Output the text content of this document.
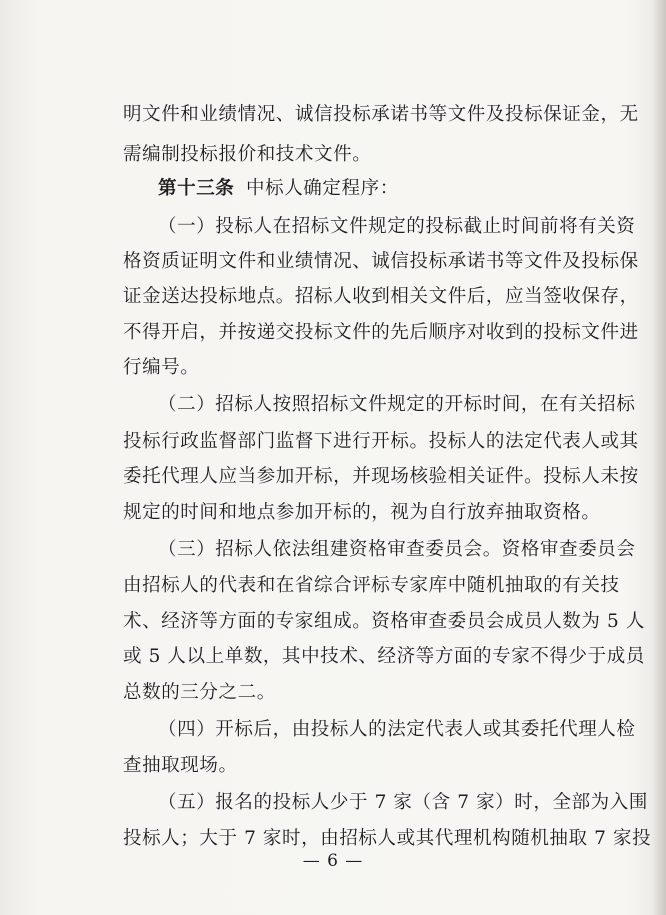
明文件和业绩情况、诚信投标承诺书等文件及投标保证金，无
需编制投标报价和技术文件。
第十三条 中标人确定程序：
（一）投标人在招标文件规定的投标截止时间前将有关资
格资质证明文件和业绩情况、诚信投标承诺书等文件及投标保
证金送达投标地点。招标人收到相关文件后，应当签收保存，
不得开启，并按递交投标文件的先后顺序对收到的投标文件进
行编号。
（二）招标人按照招标文件规定的开标时间，在有关招标
投标行政监督部门监督下进行开标。投标人的法定代表人或其
委托代理人应当参加开标，并现场核验相关证件。投标人未按
规定的时间和地点参加开标的，视为自行放弃抽取资格。
（三）招标人依法组建资格审查委员会。资格审查委员会
由招标人的代表和在省综合评标专家库中随机抽取的有关技
术、经济等方面的专家组成。资格审查委员会成员人数为 5 人
或 5 人以上单数，其中技术、经济等方面的专家不得少于成员
总数的三分之二。
（四）开标后，由投标人的法定代表人或其委托代理人检
查抽取现场。
（五）报名的投标人少于 7 家（含 7 家）时，全部为入围
投标人；大于 7 家时，由招标人或其代理机构随机抽取 7 家投
— 6 —
